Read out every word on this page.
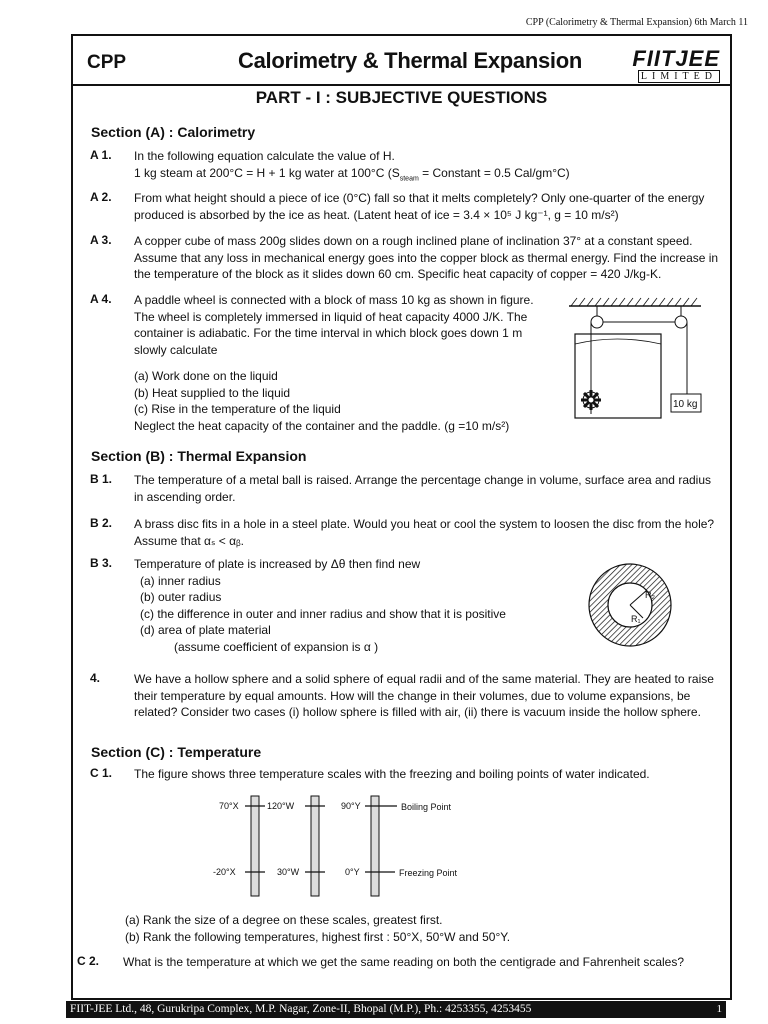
CPP (Calorimetry & Thermal Expansion) 6th March 11
CPP	Calorimetry & Thermal Expansion FIITJEE
LIMITED
PART - I : SUBJECTIVE QUESTIONS
Section (A) : Calorimetry
A 1. In the following equation calculate the value of H.
1 kg steam at 200°C = H + 1 kg water at 100°C ($S_{steam}$ = Constant = 0.5 Cal/gm°C)
A 2. From what height should a piece of ice (0°C) fall so that it melts completely? Only one-quarter of the energy produced is absorbed by the ice as heat. (Latent heat of ice = 3.4 × 10⁵ J kg⁻¹, g = 10 m/s²)
A 3. A copper cube of mass 200g slides down on a rough inclined plane of inclination 37° at a constant speed. Assume that any loss in mechanical energy goes into the copper block as thermal energy. Find the increase in the temperature of the block as it slides down 60 cm. Specific heat capacity of copper = 420 J/kg-K.
A 4. A paddle wheel is connected with a block of mass 10 kg as shown in figure. The wheel is completely immersed in liquid of heat capacity 4000 J/K. The container is adiabatic. For the time interval in which block goes down 1 m slowly calculate
(a) Work done on the liquid
(b) Heat supplied to the liquid
(c) Rise in the temperature of the liquid
Neglect the heat capacity of the container and the paddle. (g =10 m/s²)
10 kg
Section (B) : Thermal Expansion
B 1. The temperature of a metal ball is raised. Arrange the percentage change in volume, surface area and radius in ascending order.
B 2. A brass disc fits in a hole in a steel plate. Would you heat or cool the system to loosen the disc from the hole? Assume that αₛ < αᵦ.
B 3. Temperature of plate is increased by Δθ then find new
(a) inner radius
(b) outer radius
(c) the difference in outer and inner radius and show that it is positive
(d) area of plate material
(assume coefficient of expansion is α )
R₂
R₁
4.	We have a hollow sphere and a solid sphere of equal radii and of the same material. They are heated to raise their temperature by equal amounts. How will the change in their volumes, due to volume expansions, be related? Consider two cases (i) hollow sphere is filled with air, (ii) there is vacuum inside the hollow sphere.
Section (C) : Temperature
C 1. The figure shows three temperature scales with the freezing and boiling points of water indicated.
70°X	120°W	90°Y	Boiling Point
-20°X	30°W	0°Y	Freezing Point
(a) Rank the size of a degree on these scales, greatest first.
(b) Rank the following temperatures, highest first : 50°X, 50°W and 50°Y.
C 2. What is the temperature at which we get the same reading on both the centigrade and Fahrenheit scales?
FIIT-JEE Ltd., 48, Gurukripa Complex, M.P. Nagar, Zone-II, Bhopal (M.P.), Ph.: 4253355, 4253455	1
